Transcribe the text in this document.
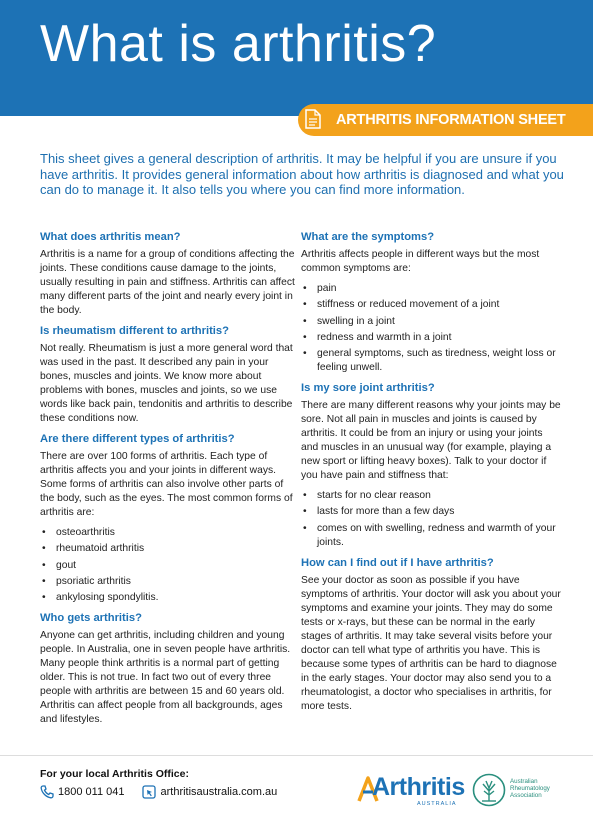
What is arthritis?
ARTHRITIS INFORMATION SHEET

This sheet gives a general description of arthritis. It may be helpful if you are unsure if you have arthritis. It provides general information about how arthritis is diagnosed and what you can do to manage it. It also tells you where you can find more information.

What does arthritis mean?

Arthritis is a name for a group of conditions affecting the joints. These conditions cause damage to the joints, usually resulting in pain and stiffness. Arthritis can affect many different parts of the joint and nearly every joint in the body.

Is rheumatism different to arthritis?

Not really. Rheumatism is just a more general word that was used in the past. It described any pain in your bones, muscles and joints. We know more about problems with bones, muscles and joints, so we use words like back pain, tendonitis and arthritis to describe these conditions now.

Are there different types of arthritis?

There are over 100 forms of arthritis. Each type of arthritis affects you and your joints in different ways. Some forms of arthritis can also involve other parts of the body, such as the eyes. The most common forms of arthritis are:

• osteoarthritis
• rheumatoid arthritis
• gout
• psoriatic arthritis
• ankylosing spondylitis.
Who gets arthritis?

Anyone can get arthritis, including children and young people. In Australia, one in seven people have arthritis. Many people think arthritis is a normal part of getting older. This is not true. In fact two out of every three people with arthritis are between 15 and 60 years old. Arthritis can affect people from all backgrounds, ages and lifestyles.

What are the symptoms?

Arthritis affects people in different ways but the most common symptoms are:

• pain
• stiffness or reduced movement of a joint
• swelling in a joint
• redness and warmth in a joint
• general symptoms, such as tiredness, weight loss or feeling unwell.
Is my sore joint arthritis?

There are many different reasons why your joints may be sore. Not all pain in muscles and joints is caused by arthritis. It could be from an injury or using your joints and muscles in an unusual way (for example, playing a new sport or lifting heavy boxes). Talk to your doctor if you have pain and stiffness that:

• starts for no clear reason
• lasts for more than a few days
• comes on with swelling, redness and warmth of your joints.
How can I find out if I have arthritis?

See your doctor as soon as possible if you have symptoms of arthritis. Your doctor will ask you about your symptoms and examine your joints. They may do some tests or x-rays, but these can be normal in the early stages of arthritis. It may take several visits before your doctor can tell what type of arthritis you have. This is because some types of arthritis can be hard to diagnose in the early stages. Your doctor may also send you to a rheumatologist, a doctor who specialises in arthritis, for more tests.

For your local Arthritis Office:
1800 011 041	arthritisaustralia.com.au	Arthritis
AUSTRALIA
Australian
Rheumatology
Association
